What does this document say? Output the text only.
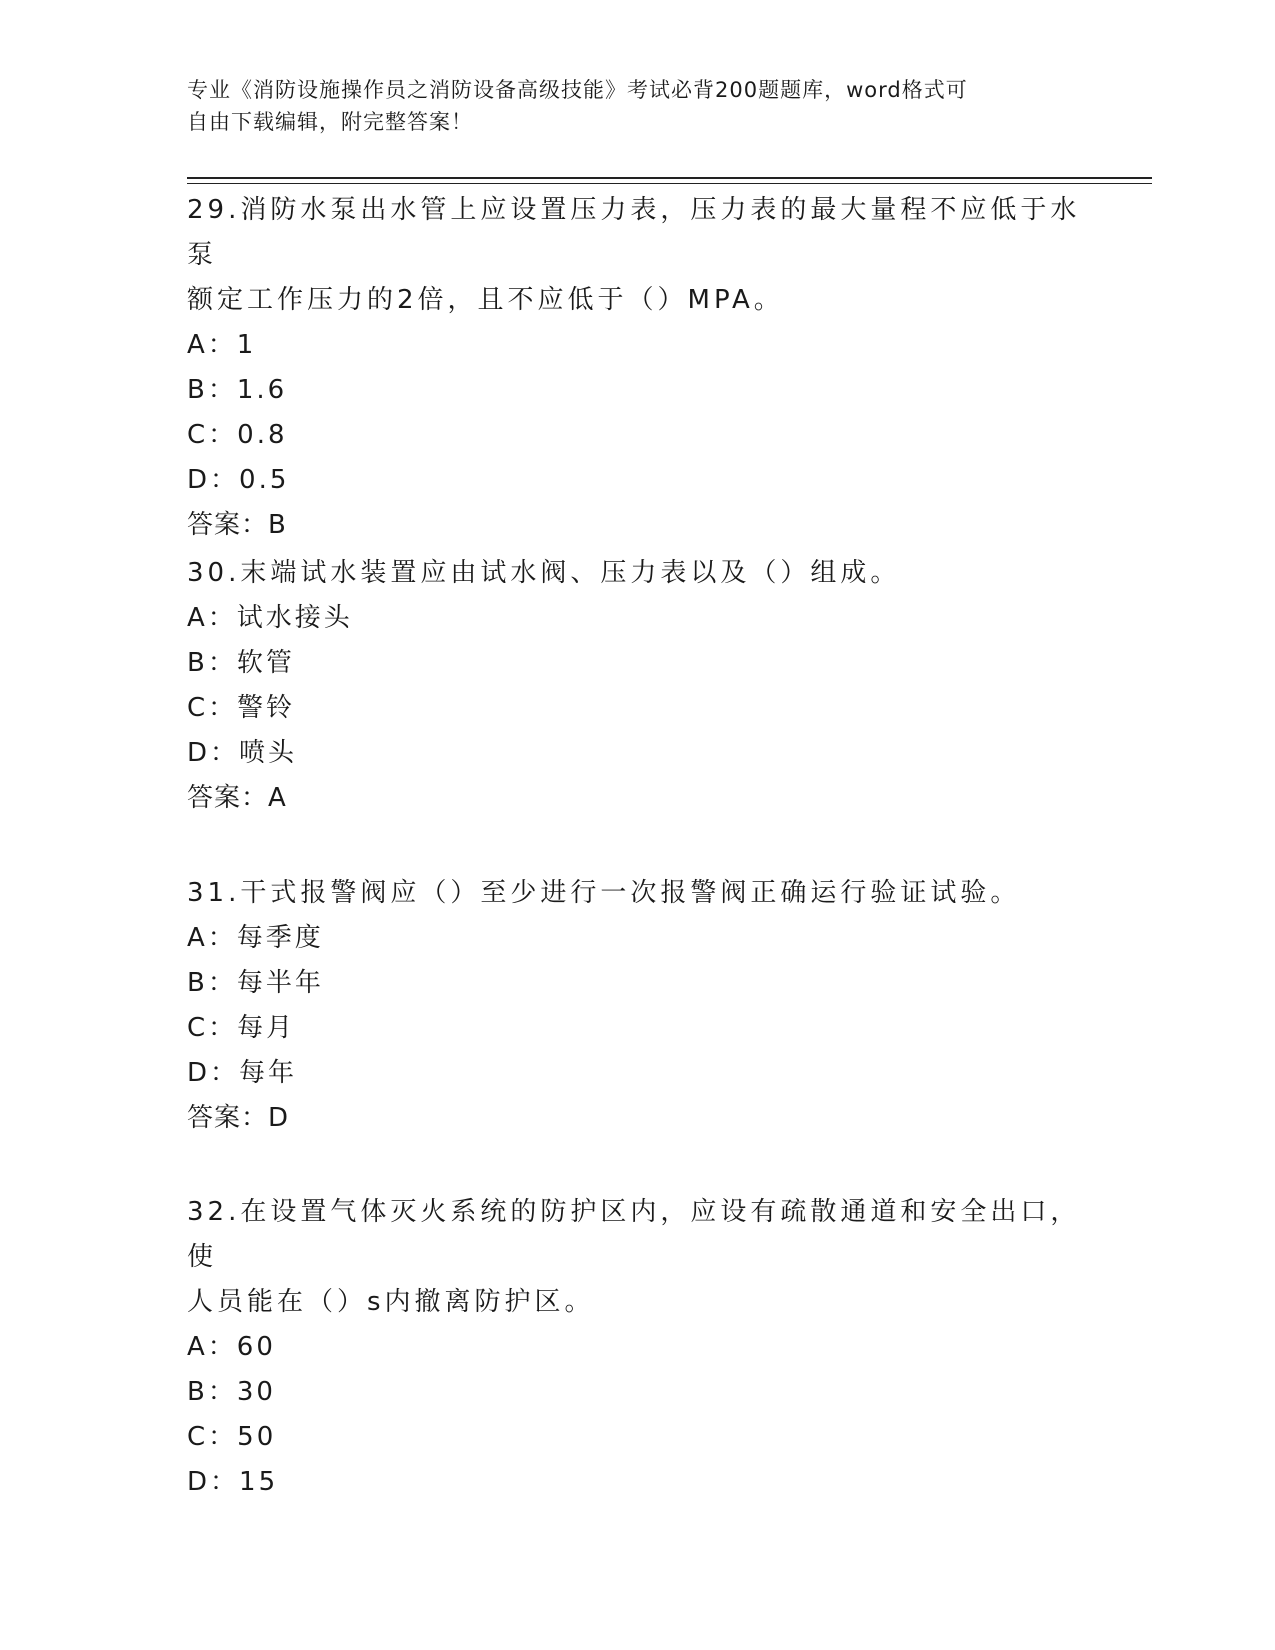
专业《消防设施操作员之消防设备高级技能》考试必背200题题库，word格式可
自由下载编辑，附完整答案！

29.消防水泵出水管上应设置压力表，压力表的最大量程不应低于水泵

额定工作压力的2倍，且不应低于（）MPA。

A：1

B：1.6

C：0.8

D：0.5

答案：B

30.末端试水装置应由试水阀、压力表以及（）组成。

A：试水接头

B：软管

C：警铃

D：喷头

答案：A

31.干式报警阀应（）至少进行一次报警阀正确运行验证试验。

A：每季度

B：每半年

C：每月

D：每年

答案：D

32.在设置气体灭火系统的防护区内，应设有疏散通道和安全出口，使

人员能在（）s内撤离防护区。

A：60

B：30

C：50

D：15
